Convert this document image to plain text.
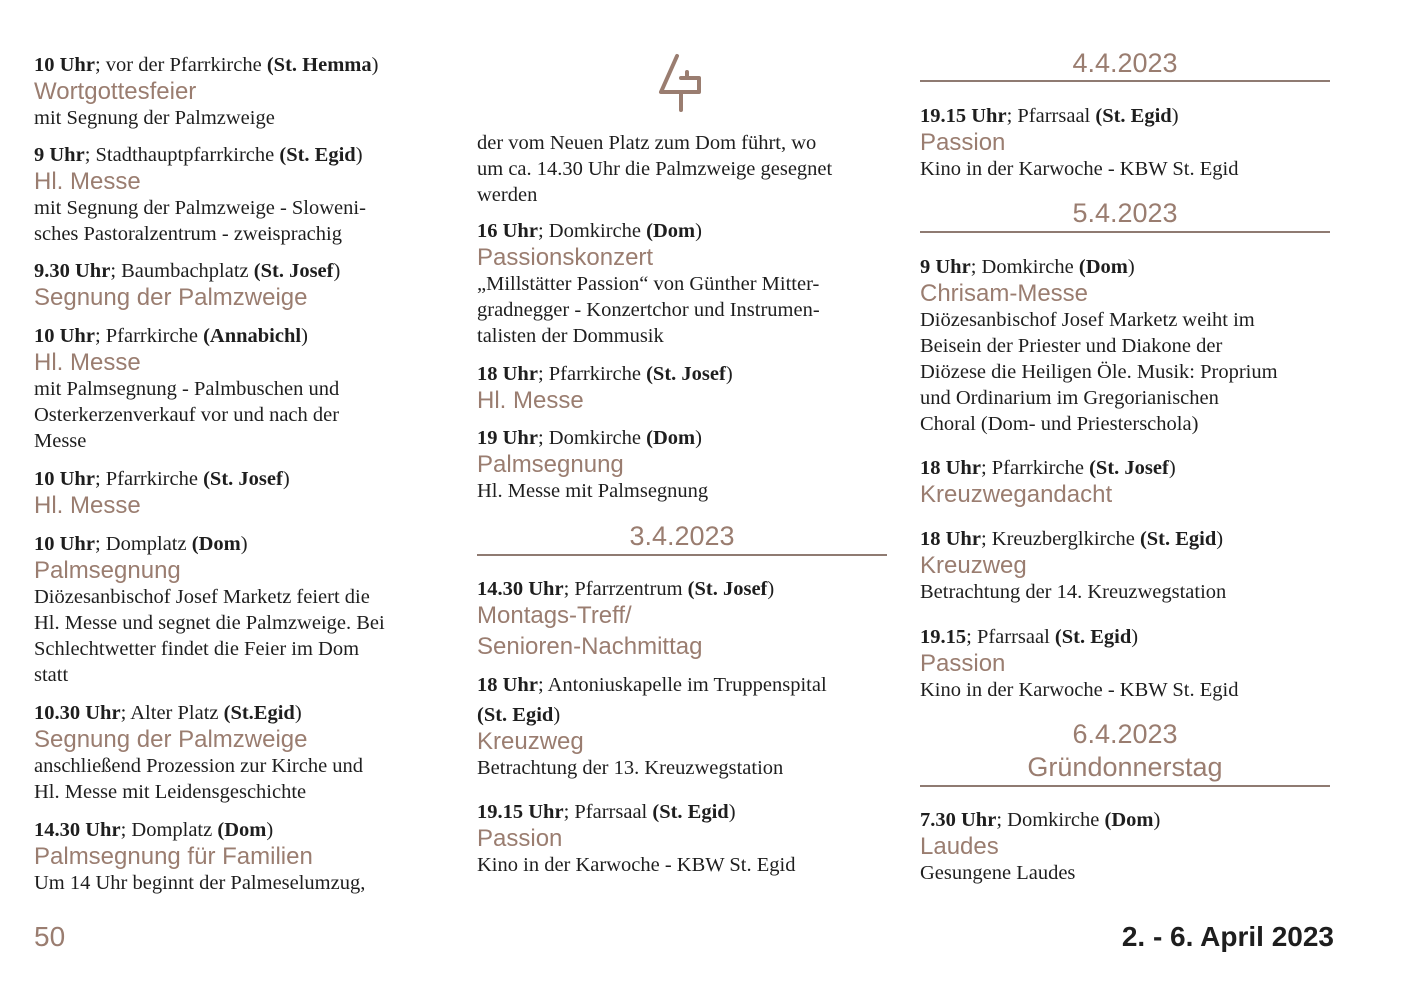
10 Uhr; vor der Pfarrkirche (St. Hemma)

Wortgottesfeier

mit Segnung der Palmzweige

9 Uhr; Stadthauptpfarrkirche (St. Egid)

Hl. Messe

mit Segnung der Palmzweige - Sloweni-

sches Pastoralzentrum - zweisprachig

9.30 Uhr; Baumbachplatz (St. Josef)

Segnung der Palmzweige

10 Uhr; Pfarrkirche (Annabichl)

Hl. Messe

mit Palmsegnung - Palmbuschen und

Osterkerzenverkauf vor und nach der

Messe

10 Uhr; Pfarrkirche (St. Josef)

Hl. Messe

10 Uhr; Domplatz (Dom)

Palmsegnung

Diözesanbischof Josef Marketz feiert die

Hl. Messe und segnet die Palmzweige. Bei

Schlechtwetter findet die Feier im Dom

statt

10.30 Uhr; Alter Platz (St.Egid)

Segnung der Palmzweige

anschließend Prozession zur Kirche und

Hl. Messe mit Leidensgeschichte

14.30 Uhr; Domplatz (Dom)

Palmsegnung für Familien

Um 14 Uhr beginnt der Palmeselumzug,

der vom Neuen Platz zum Dom führt, wo

um ca. 14.30 Uhr die Palmzweige gesegnet

werden

16 Uhr; Domkirche (Dom)

Passionskonzert

„Millstätter Passion“ von Günther Mitter-

gradnegger - Konzertchor und Instrumen-

talisten der Dommusik

18 Uhr; Pfarrkirche (St. Josef)

Hl. Messe

19 Uhr; Domkirche (Dom)

Palmsegnung

Hl. Messe mit Palmsegnung

3.4.2023

14.30 Uhr; Pfarrzentrum (St. Josef)

Montags-Treff/

Senioren-Nachmittag

18 Uhr; Antoniuskapelle im Truppenspital

(St. Egid)

Kreuzweg

Betrachtung der 13. Kreuzwegstation

19.15 Uhr; Pfarrsaal (St. Egid)

Passion

Kino in der Karwoche - KBW St. Egid

4.4.2023

19.15 Uhr; Pfarrsaal (St. Egid)

Passion

Kino in der Karwoche - KBW St. Egid

5.4.2023

9 Uhr; Domkirche (Dom)

Chrisam-Messe

Diözesanbischof Josef Marketz weiht im

Beisein der Priester und Diakone der

Diözese die Heiligen Öle. Musik: Proprium

und Ordinarium im Gregorianischen

Choral (Dom- und Priesterschola)

18 Uhr; Pfarrkirche (St. Josef)

Kreuzwegandacht

18 Uhr; Kreuzberglkirche (St. Egid)

Kreuzweg

Betrachtung der 14. Kreuzwegstation

19.15; Pfarrsaal (St. Egid)

Passion

Kino in der Karwoche - KBW St. Egid

6.4.2023
Gründonnerstag

7.30 Uhr; Domkirche (Dom)

Laudes

Gesungene Laudes

50	2. - 6. April 2023
